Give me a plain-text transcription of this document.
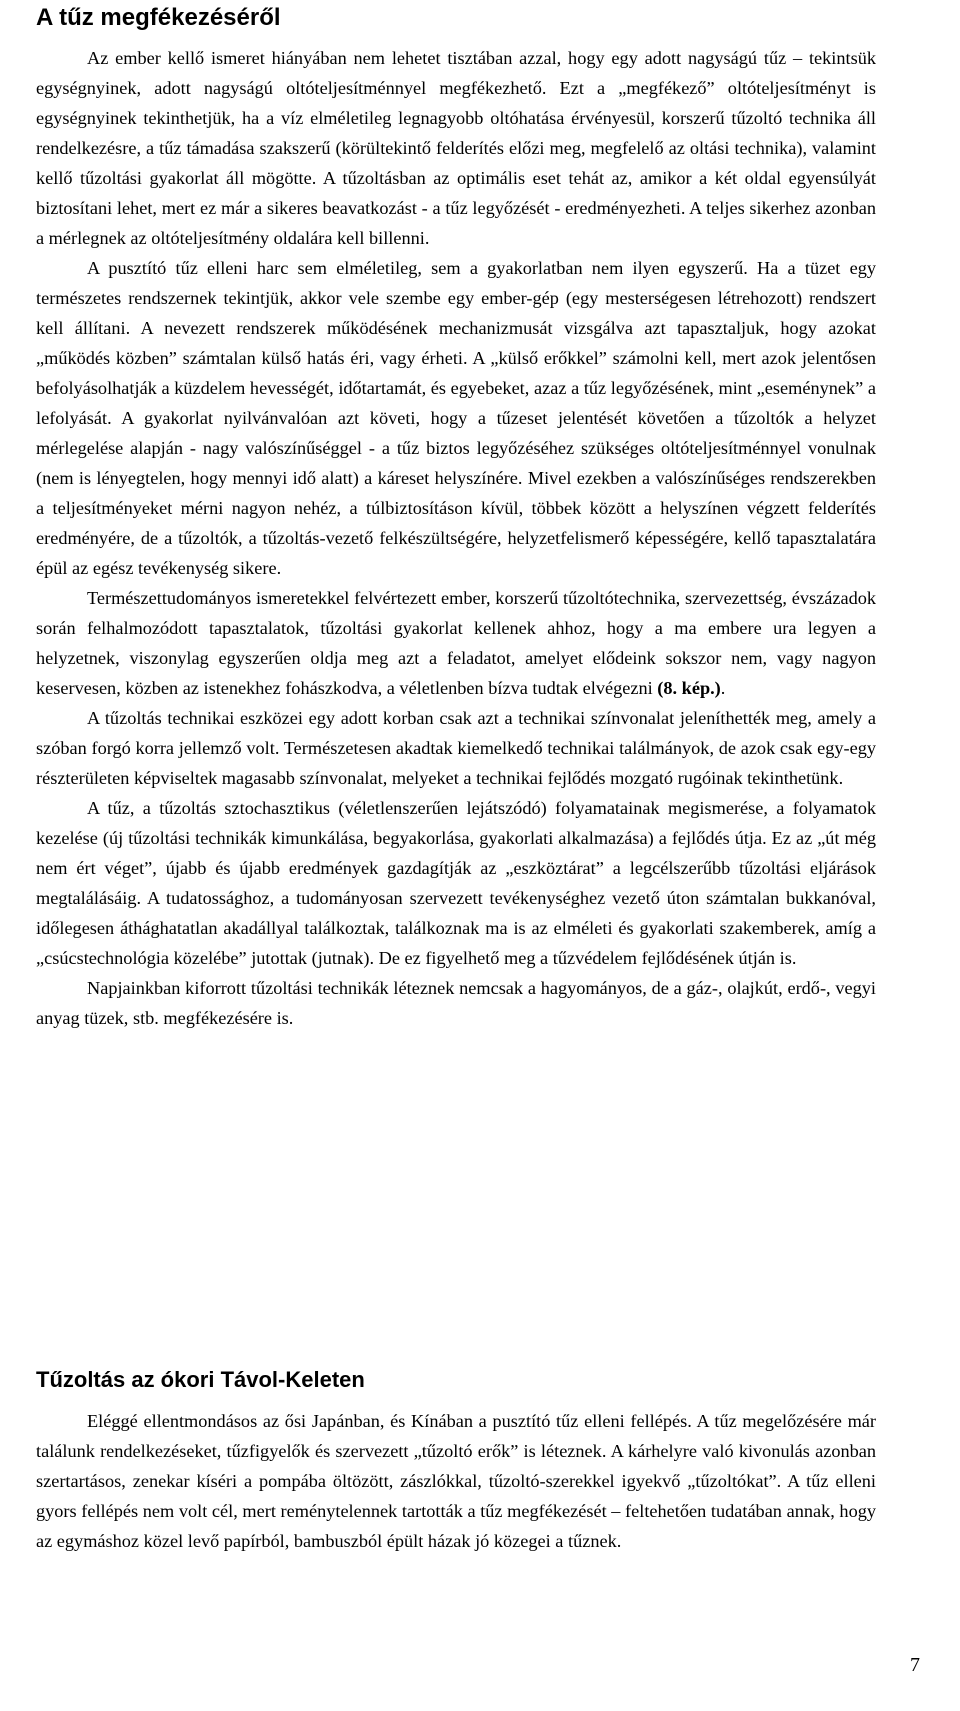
A tűz megfékezéséről

Az ember kellő ismeret hiányában nem lehetet tisztában azzal, hogy egy adott nagyságú tűz – tekintsük egységnyinek, adott nagyságú oltóteljesítménnyel megfékezhető. Ezt a „megfékező” oltóteljesítményt is egységnyinek tekinthetjük, ha a víz elméletileg legnagyobb oltóhatása érvényesül, korszerű tűzoltó technika áll rendelkezésre, a tűz támadása szakszerű (körültekintő felderítés előzi meg, megfelelő az oltási technika), valamint kellő tűzoltási gyakorlat áll mögötte. A tűzoltásban az optimális eset tehát az, amikor a két oldal egyensúlyát biztosítani lehet, mert ez már a sikeres beavatkozást - a tűz legyőzését - eredményezheti. A teljes sikerhez azonban a mérlegnek az oltóteljesítmény oldalára kell billenni.

A pusztító tűz elleni harc sem elméletileg, sem a gyakorlatban nem ilyen egyszerű. Ha a tüzet egy természetes rendszernek tekintjük, akkor vele szembe egy ember-gép (egy mesterségesen létrehozott) rendszert kell állítani. A nevezett rendszerek működésének mechanizmusát vizsgálva azt tapasztaljuk, hogy azokat „működés közben” számtalan külső hatás éri, vagy érheti. A „külső erőkkel” számolni kell, mert azok jelentősen befolyásolhatják a küzdelem hevességét, időtartamát, és egyebeket, azaz a tűz legyőzésének, mint „eseménynek” a lefolyását. A gyakorlat nyilvánvalóan azt követi, hogy a tűzeset jelentését követően a tűzoltók a helyzet mérlegelése alapján - nagy valószínűséggel - a tűz biztos legyőzéséhez szükséges oltóteljesítménnyel vonulnak (nem is lényegtelen, hogy mennyi idő alatt) a káreset helyszínére. Mivel ezekben a valószínűséges rendszerekben a teljesítményeket mérni nagyon nehéz, a túlbiztosításon kívül, többek között a helyszínen végzett felderítés eredményére, de a tűzoltók, a tűzoltás-vezető felkészültségére, helyzetfelismerő képességére, kellő tapasztalatára épül az egész tevékenység sikere.

Természettudományos ismeretekkel felvértezett ember, korszerű tűzoltótechnika, szervezettség, évszázadok során felhalmozódott tapasztalatok, tűzoltási gyakorlat kellenek ahhoz, hogy a ma embere ura legyen a helyzetnek, viszonylag egyszerűen oldja meg azt a feladatot, amelyet elődeink sokszor nem, vagy nagyon keservesen, közben az istenekhez fohászkodva, a véletlenben bízva tudtak elvégezni (8. kép.).

A tűzoltás technikai eszközei egy adott korban csak azt a technikai színvonalat jeleníthették meg, amely a szóban forgó korra jellemző volt. Természetesen akadtak kiemelkedő technikai találmányok, de azok csak egy-egy részterületen képviseltek magasabb színvonalat, melyeket a technikai fejlődés mozgató rugóinak tekinthetünk.

A tűz, a tűzoltás sztochasztikus (véletlenszerűen lejátszódó) folyamatainak megismerése, a folyamatok kezelése (új tűzoltási technikák kimunkálása, begyakorlása, gyakorlati alkalmazása) a fejlődés útja. Ez az „út még nem ért véget”, újabb és újabb eredmények gazdagítják az „eszköztárat” a legcélszerűbb tűzoltási eljárások megtalálásáig. A tudatossághoz, a tudományosan szervezett tevékenységhez vezető úton számtalan bukkanóval, időlegesen áthághatatlan akadállyal találkoztak, találkoznak ma is az elméleti és gyakorlati szakemberek, amíg a „csúcstechnológia közelébe” jutottak (jutnak). De ez figyelhető meg a tűzvédelem fejlődésének útján is.

Napjainkban kiforrott tűzoltási technikák léteznek nemcsak a hagyományos, de a gáz-, olajkút, erdő-, vegyi anyag tüzek, stb. megfékezésére is.

Tűzoltás az ókori Távol-Keleten

Eléggé ellentmondásos az ősi Japánban, és Kínában a pusztító tűz elleni fellépés. A tűz megelőzésére már találunk rendelkezéseket, tűzfigyelők és szervezett „tűzoltó erők” is léteznek. A kárhelyre való kivonulás azonban szertartásos, zenekar kíséri a pompába öltözött, zászlókkal, tűzoltó-szerekkel igyekvő „tűzoltókat”. A tűz elleni gyors fellépés nem volt cél, mert reménytelennek tartották a tűz megfékezését – feltehetően tudatában annak, hogy az egymáshoz közel levő papírból, bambuszból épült házak jó közegei a tűznek.

7
